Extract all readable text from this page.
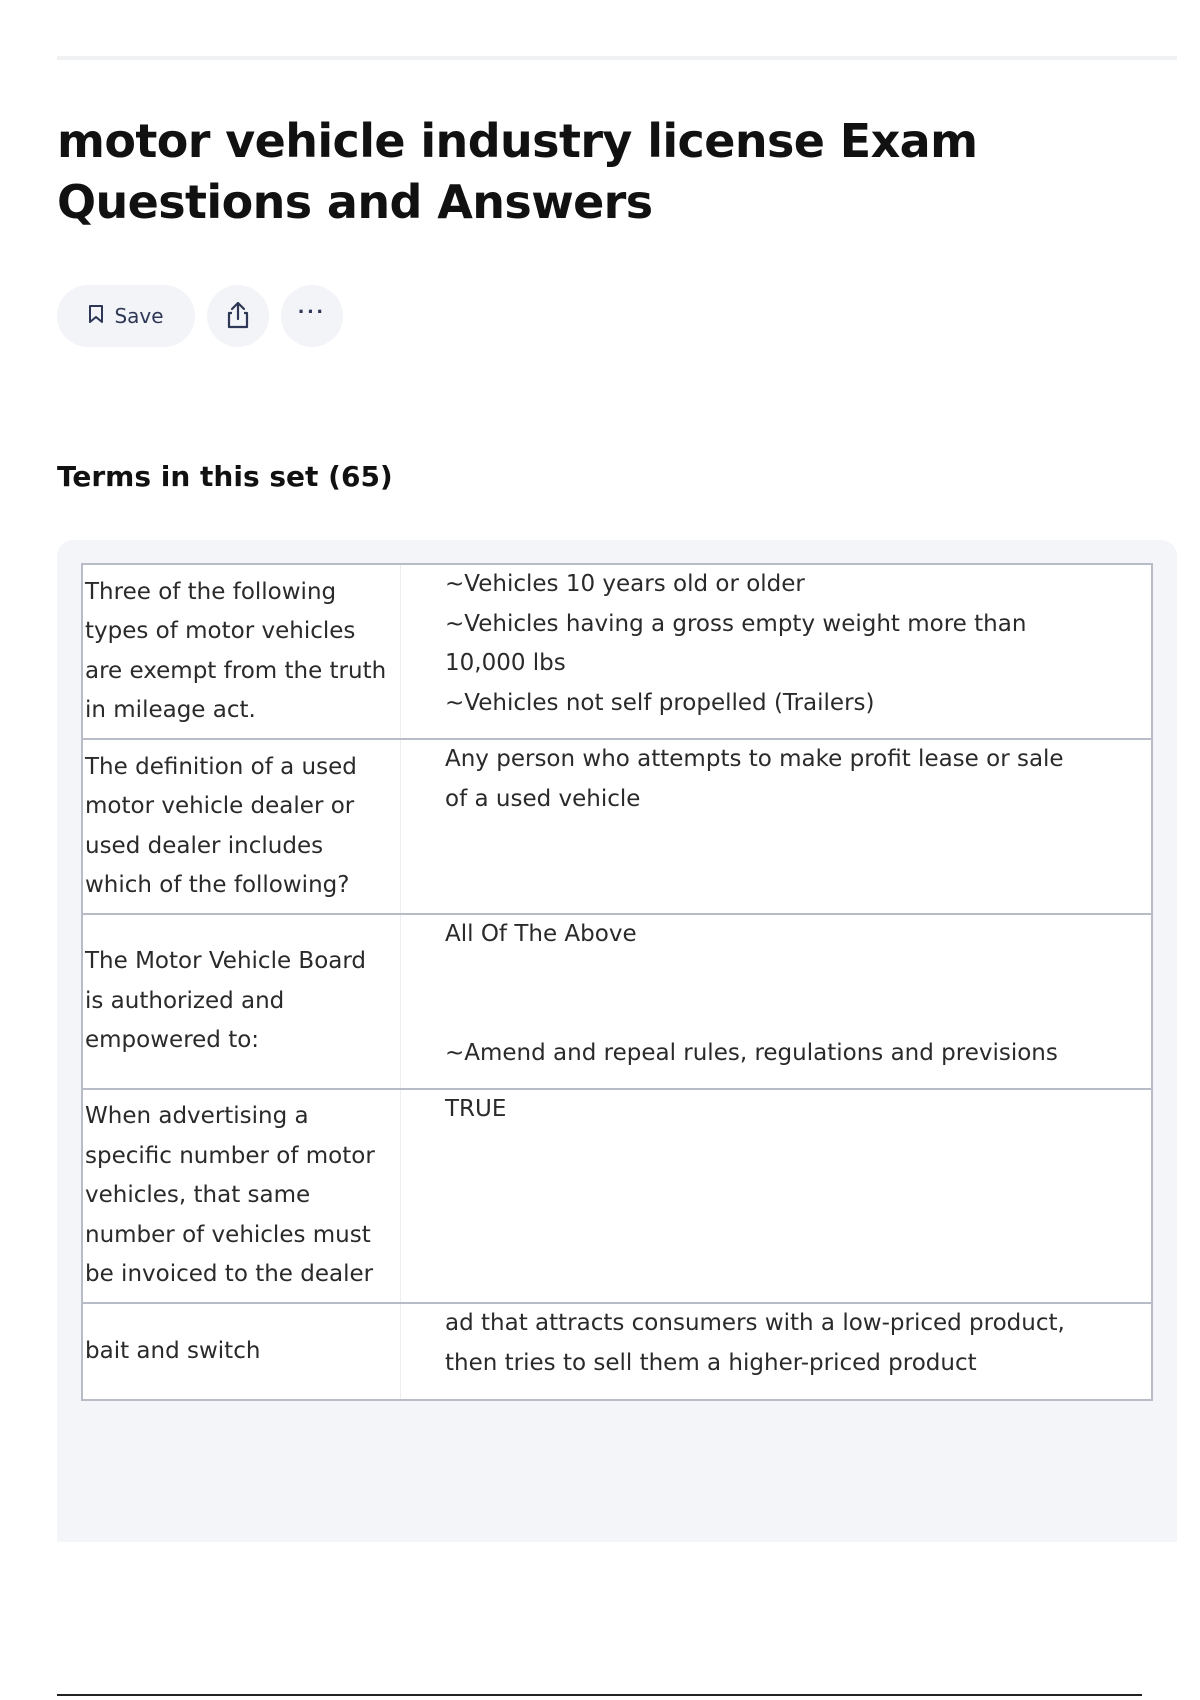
motor vehicle industry license Exam Questions and Answers
Save	···
Terms in this set (65)
Three of the following
types of motor vehicles
are exempt from the truth
in mileage act.
~Vehicles 10 years old or older
~Vehicles having a gross empty weight more than
10,000 lbs
~Vehicles not self propelled (Trailers)
The definition of a used
motor vehicle dealer or
used dealer includes
which of the following?
Any person who attempts to make profit lease or sale
of a used vehicle
The Motor Vehicle Board
is authorized and
empowered to:
All Of The Above
~Amend and repeal rules, regulations and previsions
When advertising a
specific number of motor
vehicles, that same
number of vehicles must
be invoiced to the dealer
TRUE
bait and switch
ad that attracts consumers with a low-priced product,
then tries to sell them a higher-priced product
